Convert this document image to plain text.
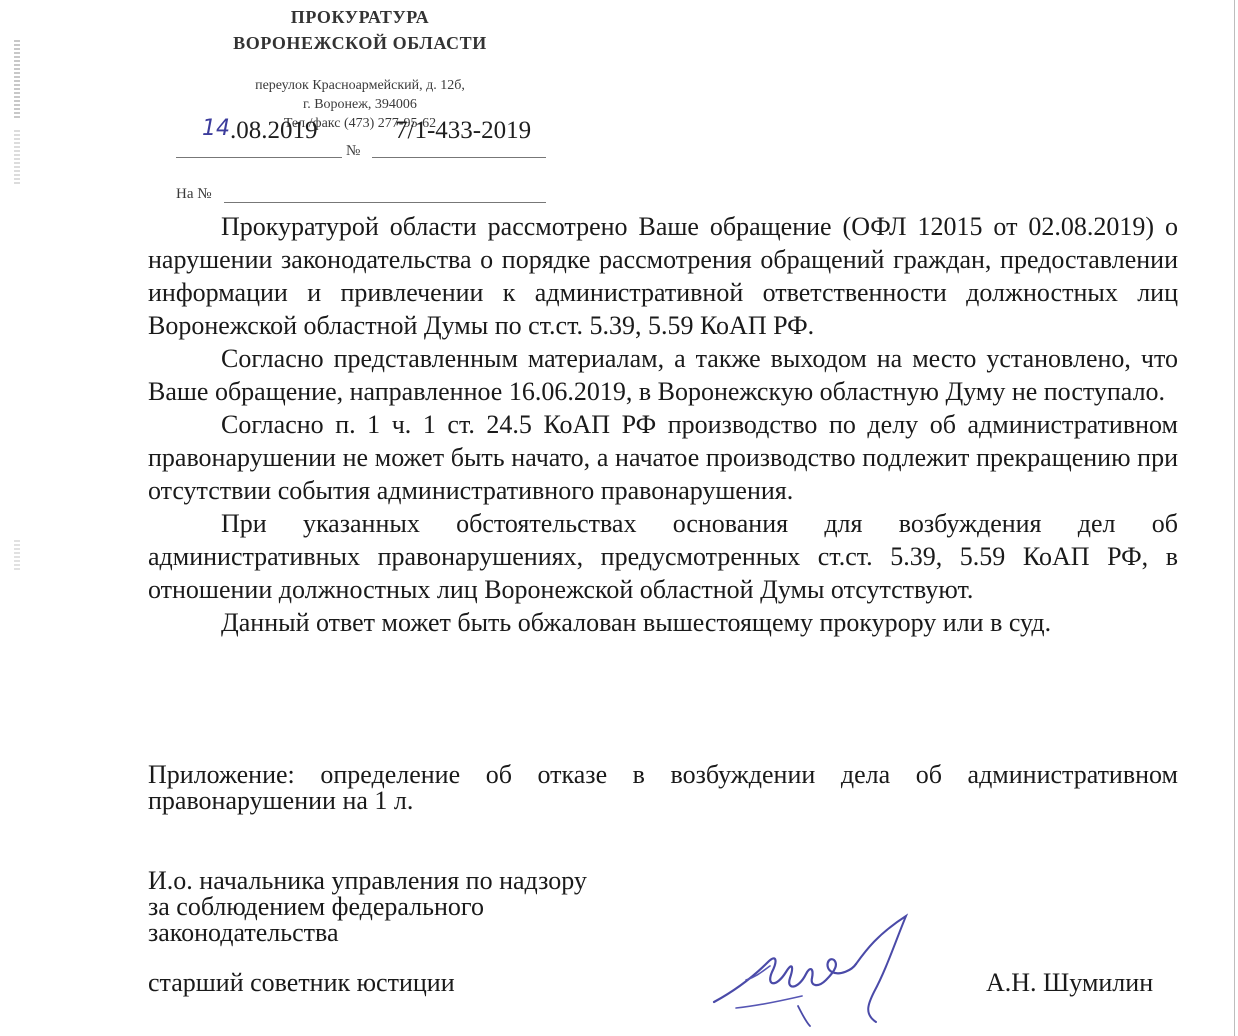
ПРОКУРАТУРА
ВОРОНЕЖСКОЙ ОБЛАСТИ
переулок Красноармейский, д. 12б,
г. Воронеж, 394006
Тел./факс (473) 277-95-62
14 .08.2019	7/1-433-2019
№
На №

Прокуратурой области рассмотрено Ваше обращение (ОФЛ 12015 от 02.08.2019) о нарушении законодательства о порядке рассмотрения обращений граждан, предоставлении информации и привлечении к административной ответственности должностных лиц Воронежской областной Думы по ст.ст. 5.39, 5.59 КоАП РФ.

Согласно представленным материалам, а также выходом на место установлено, что Ваше обращение, направленное 16.06.2019, в Воронежскую областную Думу не поступало.

Согласно п. 1 ч. 1 ст. 24.5 КоАП РФ производство по делу об административном правонарушении не может быть начато, а начатое производство подлежит прекращению при отсутствии события административного правонарушения.

При указанных обстоятельствах основания для возбуждения дел об административных правонарушениях, предусмотренных ст.ст. 5.39, 5.59 КоАП РФ, в отношении должностных лиц Воронежской областной Думы отсутствуют.

Данный ответ может быть обжалован вышестоящему прокурору или в суд.

Приложение: определение об отказе в возбуждении дела об административном правонарушении на 1 л.

И.о. начальника управления по надзору
за соблюдением федерального
законодательства
старший советник юстиции	А.Н. Шумилин
